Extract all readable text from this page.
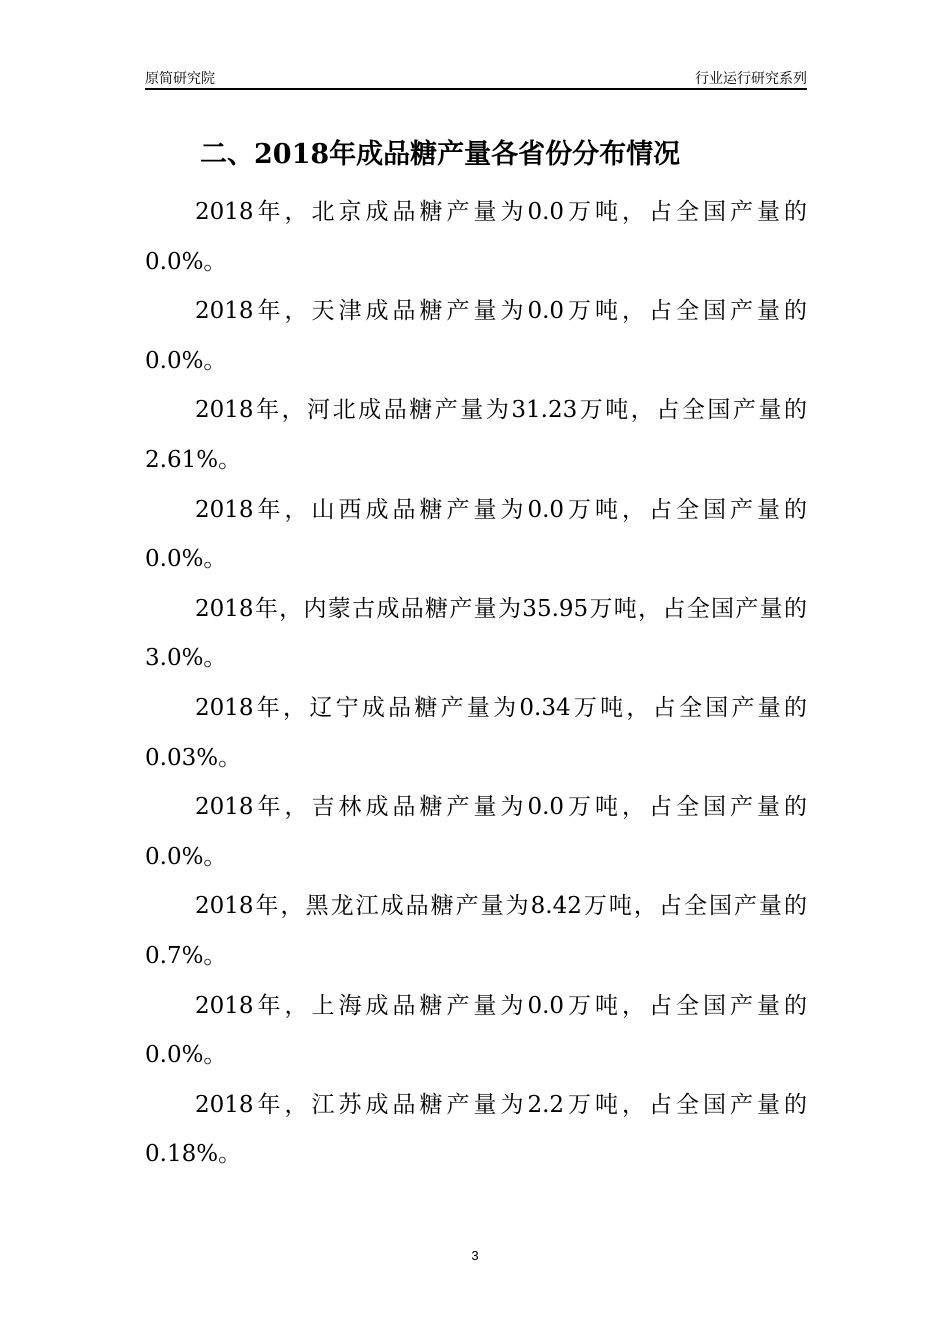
原简研究院	行业运行研究系列
二、2018年成品糖产量各省份分布情况

2018年，北京成品糖产量为0.0万吨，占全国产量的0.0%。

2018年，天津成品糖产量为0.0万吨，占全国产量的0.0%。

2018年，河北成品糖产量为31.23万吨，占全国产量的2.61%。

2018年，山西成品糖产量为0.0万吨，占全国产量的0.0%。

2018年，内蒙古成品糖产量为35.95万吨，占全国产量的3.0%。

2018年，辽宁成品糖产量为0.34万吨，占全国产量的0.03%。

2018年，吉林成品糖产量为0.0万吨，占全国产量的0.0%。

2018年，黑龙江成品糖产量为8.42万吨，占全国产量的0.7%。

2018年，上海成品糖产量为0.0万吨，占全国产量的0.0%。

2018年，江苏成品糖产量为2.2万吨，占全国产量的0.18%。

3
